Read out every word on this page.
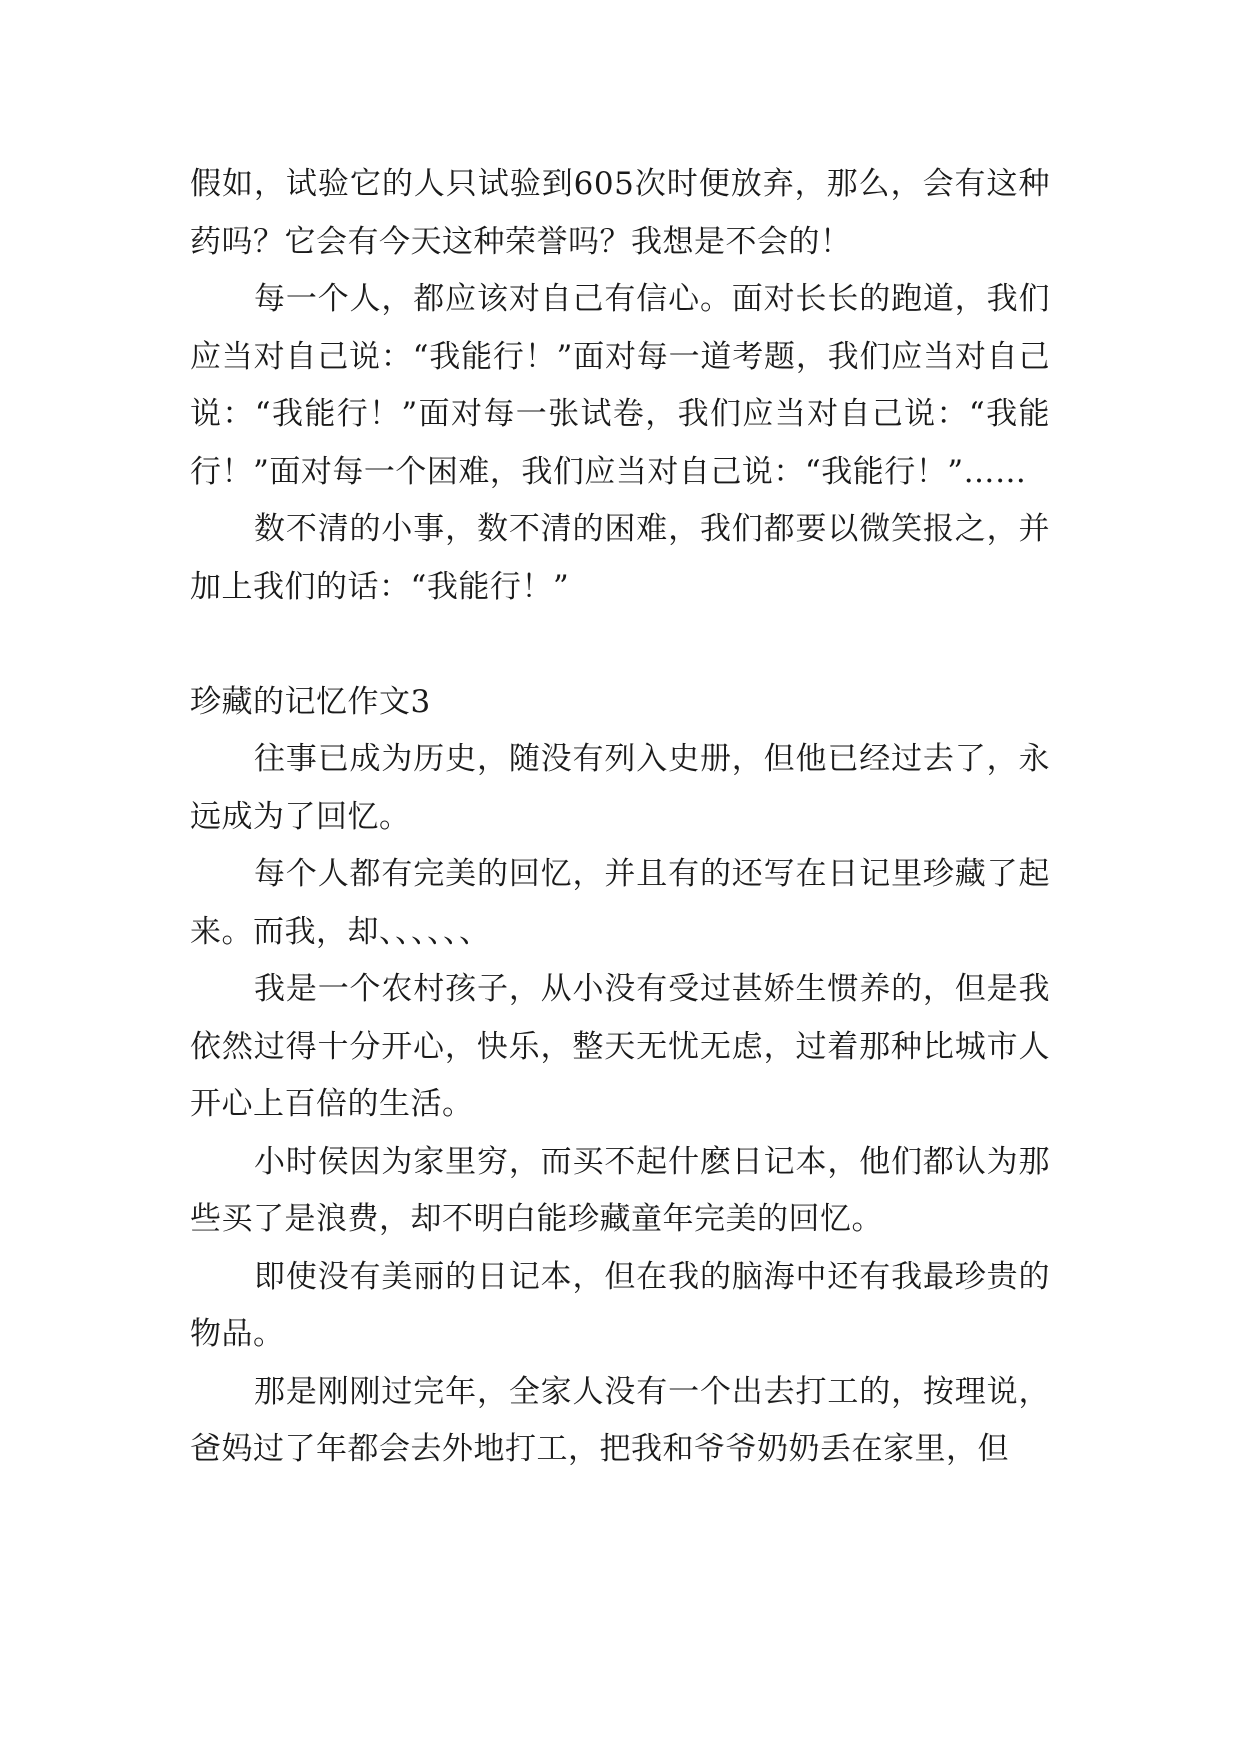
假如，试验它的人只试验到605次时便放弃，那么，会有这种药吗？它会有今天这种荣誉吗？我想是不会的！

每一个人，都应该对自己有信心。面对长长的跑道，我们应当对自己说：“我能行！”面对每一道考题，我们应当对自己说：“我能行！”面对每一张试卷，我们应当对自己说：“我能行！”面对每一个困难，我们应当对自己说：“我能行！”……

数不清的小事，数不清的困难，我们都要以微笑报之，并加上我们的话：“我能行！”

珍藏的记忆作文3

往事已成为历史，随没有列入史册，但他已经过去了，永远成为了回忆。

每个人都有完美的回忆，并且有的还写在日记里珍藏了起来。而我，却、、、、、、

我是一个农村孩子，从小没有受过甚娇生惯养的，但是我依然过得十分开心，快乐，整天无忧无虑，过着那种比城市人开心上百倍的生活。

小时侯因为家里穷，而买不起什麽日记本，他们都认为那些买了是浪费，却不明白能珍藏童年完美的回忆。

即使没有美丽的日记本，但在我的脑海中还有我最珍贵的物品。

那是刚刚过完年，全家人没有一个出去打工的，按理说，爸妈过了年都会去外地打工，把我和爷爷奶奶丢在家里，但
